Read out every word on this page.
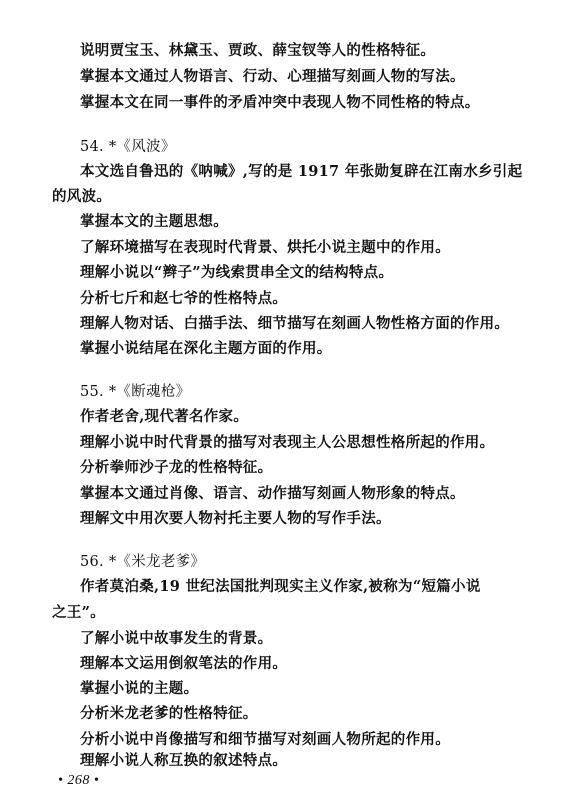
说明贾宝玉、林黛玉、贾政、薛宝钗等人的性格特征。
掌握本文通过人物语言、行动、心理描写刻画人物的写法。
掌握本文在同一事件的矛盾冲突中表现人物不同性格的特点。
54. *《风波》
本文选自鲁迅的《呐喊》,写的是 1917 年张勋复辟在江南水乡引起
的风波。
掌握本文的主题思想。
了解环境描写在表现时代背景、烘托小说主题中的作用。
理解小说以“辫子”为线索贯串全文的结构特点。
分析七斤和赵七爷的性格特点。
理解人物对话、白描手法、细节描写在刻画人物性格方面的作用。
掌握小说结尾在深化主题方面的作用。
55. *《断魂枪》
作者老舍,现代著名作家。
理解小说中时代背景的描写对表现主人公思想性格所起的作用。
分析拳师沙子龙的性格特征。
掌握本文通过肖像、语言、动作描写刻画人物形象的特点。
理解文中用次要人物衬托主要人物的写作手法。
56. *《米龙老爹》
作者莫泊桑,19 世纪法国批判现实主义作家,被称为“短篇小说
之王”。
了解小说中故事发生的背景。
理解本文运用倒叙笔法的作用。
掌握小说的主题。
分析米龙老爹的性格特征。
分析小说中肖像描写和细节描写对刻画人物所起的作用。
理解小说人称互换的叙述特点。
• 268 •
